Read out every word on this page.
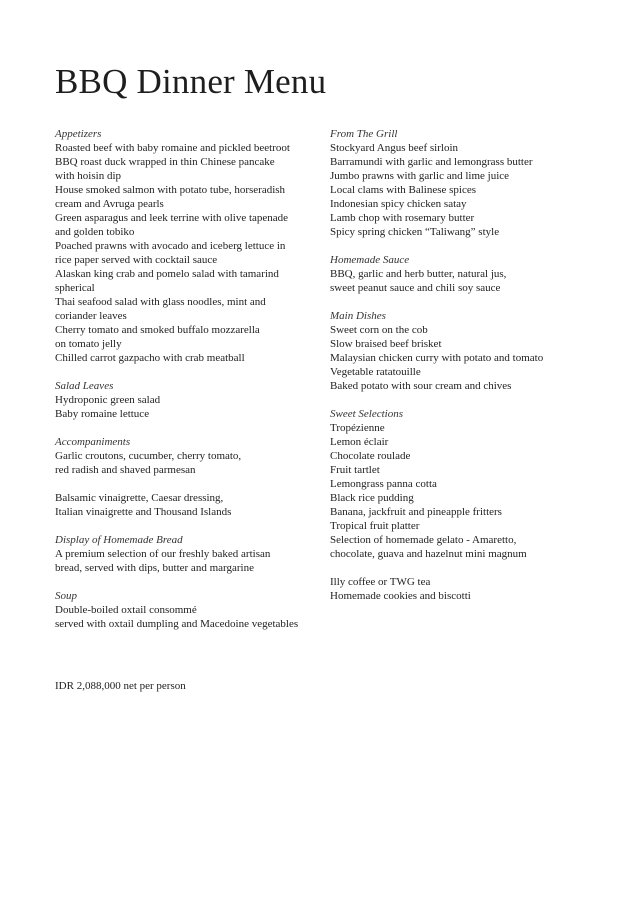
BBQ Dinner Menu
Appetizers
Roasted beef with baby romaine and pickled beetroot
BBQ roast duck wrapped in thin Chinese pancake
with hoisin dip
House smoked salmon with potato tube, horseradish
cream and Avruga pearls
Green asparagus and leek terrine with olive tapenade
and golden tobiko
Poached prawns with avocado and iceberg lettuce in
rice paper served with cocktail sauce
Alaskan king crab and pomelo salad with tamarind
spherical
Thai seafood salad with glass noodles, mint and
coriander leaves
Cherry tomato and smoked buffalo mozzarella
on tomato jelly
Chilled carrot gazpacho with crab meatball
Salad Leaves
Hydroponic green salad
Baby romaine lettuce
Accompaniments
Garlic croutons, cucumber, cherry tomato,
red radish and shaved parmesan
Balsamic vinaigrette, Caesar dressing,
Italian vinaigrette and Thousand Islands
Display of Homemade Bread
A premium selection of our freshly baked artisan
bread, served with dips, butter and margarine
Soup
Double-boiled oxtail consommé
served with oxtail dumpling and Macedoine vegetables
From The Grill
Stockyard Angus beef sirloin
Barramundi with garlic and lemongrass butter
Jumbo prawns with garlic and lime juice
Local clams with Balinese spices
Indonesian spicy chicken satay
Lamb chop with rosemary butter
Spicy spring chicken “Taliwang” style
Homemade Sauce
BBQ, garlic and herb butter, natural jus,
sweet peanut sauce and chili soy sauce
Main Dishes
Sweet corn on the cob
Slow braised beef brisket
Malaysian chicken curry with potato and tomato
Vegetable ratatouille
Baked potato with sour cream and chives
Sweet Selections
Tropézienne
Lemon éclair
Chocolate roulade
Fruit tartlet
Lemongrass panna cotta
Black rice pudding
Banana, jackfruit and pineapple fritters
Tropical fruit platter
Selection of homemade gelato - Amaretto,
chocolate, guava and hazelnut mini magnum
Illy coffee or TWG tea
Homemade cookies and biscotti
IDR 2,088,000 net per person
